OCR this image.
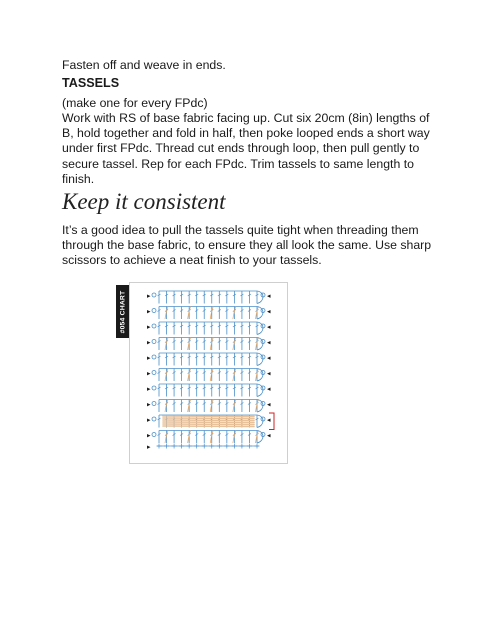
Fasten off and weave in ends.

TASSELS

(make one for every FPdc)

Work with RS of base fabric facing up. Cut six 20cm (8in) lengths of B, hold together and fold in half, then poke looped ends a short way under first FPdc. Thread cut ends through loop, then pull gently to secure tassel. Rep for each FPdc. Trim tassels to same length to finish.

Keep it consistent

It’s a good idea to pull the tassels quite tight when threading them through the base fabric, to ensure they all look the same. Use sharp scissors to achieve a neat finish to your tassels.

#054 CHART	▸	◂
▸	◂
▸	◂
▸	◂
▸	◂
▸	◂
▸	◂
▸	◂
▸	◂
▸	◂
▸
